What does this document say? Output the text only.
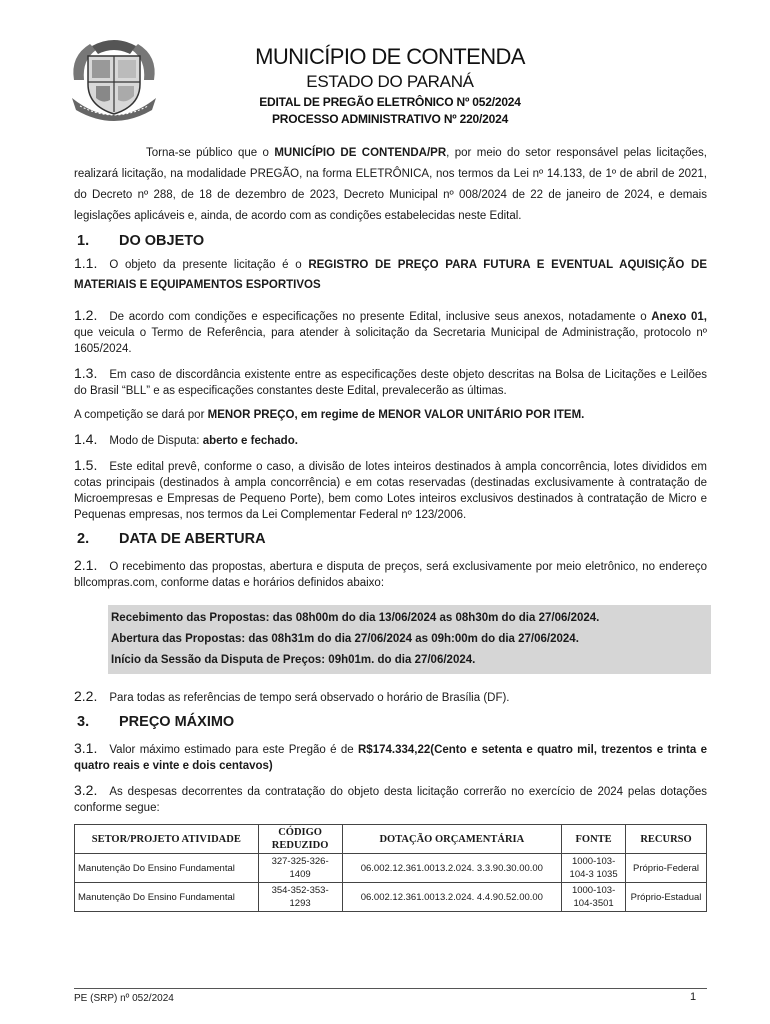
MUNICÍPIO DE CONTENDA
ESTADO DO PARANÁ
EDITAL DE PREGÃO ELETRÔNICO Nº 052/2024
PROCESSO ADMINISTRATIVO Nº 220/2024

Torna-se público que o MUNICÍPIO DE CONTENDA/PR, por meio do setor responsável pelas licitações, realizará licitação, na modalidade PREGÃO, na forma ELETRÔNICA, nos termos da Lei nº 14.133, de 1º de abril de 2021, do Decreto nº 288, de 18 de dezembro de 2023, Decreto Municipal nº 008/2024 de 22 de janeiro de 2024, e demais legislações aplicáveis e, ainda, de acordo com as condições estabelecidas neste Edital.

1.	DO OBJETO

1.1. O objeto da presente licitação é o REGISTRO DE PREÇO PARA FUTURA E EVENTUAL AQUISIÇÃO DE MATERIAIS E EQUIPAMENTOS ESPORTIVOS

1.2. De acordo com condições e especificações no presente Edital, inclusive seus anexos, notadamente o Anexo 01, que veicula o Termo de Referência, para atender à solicitação da Secretaria Municipal de Administração, protocolo nº 1605/2024.

1.3. Em caso de discordância existente entre as especificações deste objeto descritas na Bolsa de Licitações e Leilões do Brasil “BLL” e as especificações constantes deste Edital, prevalecerão as últimas.

A competição se dará por MENOR PREÇO, em regime de MENOR VALOR UNITÁRIO POR ITEM.

1.4. Modo de Disputa: aberto e fechado.

1.5. Este edital prevê, conforme o caso, a divisão de lotes inteiros destinados à ampla concorrência, lotes divididos em cotas principais (destinados à ampla concorrência) e em cotas reservadas (destinadas exclusivamente à contratação de Microempresas e Empresas de Pequeno Porte), bem como Lotes inteiros exclusivos destinados à contratação de Micro e Pequenas empresas, nos termos da Lei Complementar Federal nº 123/2006.

2.	DATA DE ABERTURA

2.1. O recebimento das propostas, abertura e disputa de preços, será exclusivamente por meio eletrônico, no endereço bllcompras.com, conforme datas e horários definidos abaixo:

Recebimento das Propostas: das 08h00m do dia 13/06/2024 as 08h30m do dia 27/06/2024.
Abertura das Propostas: das 08h31m do dia 27/06/2024 as 09h:00m do dia 27/06/2024.
Início da Sessão da Disputa de Preços: 09h01m. do dia 27/06/2024.

2.2. Para todas as referências de tempo será observado o horário de Brasília (DF).

3.	PREÇO MÁXIMO

3.1. Valor máximo estimado para este Pregão é de R$174.334,22(Cento e setenta e quatro mil, trezentos e trinta e quatro reais e vinte e dois centavos)

3.2. As despesas decorrentes da contratação do objeto desta licitação correrão no exercício de 2024 pelas dotações conforme segue:

SETOR/PROJETO ATIVIDADE	CÓDIGO REDUZIDO	DOTAÇÃO ORÇAMENTÁRIA	FONTE	RECURSO
Manutenção Do Ensino Fundamental	327-325-326-1409	06.002.12.361.0013.2.024. 3.3.90.30.00.00	1000-103-104-3 1035	Próprio-Federal
Manutenção Do Ensino Fundamental	354-352-353-1293	06.002.12.361.0013.2.024. 4.4.90.52.00.00	1000-103-104-3501	Próprio-Estadual
PE (SRP) nº 052/2024	1
